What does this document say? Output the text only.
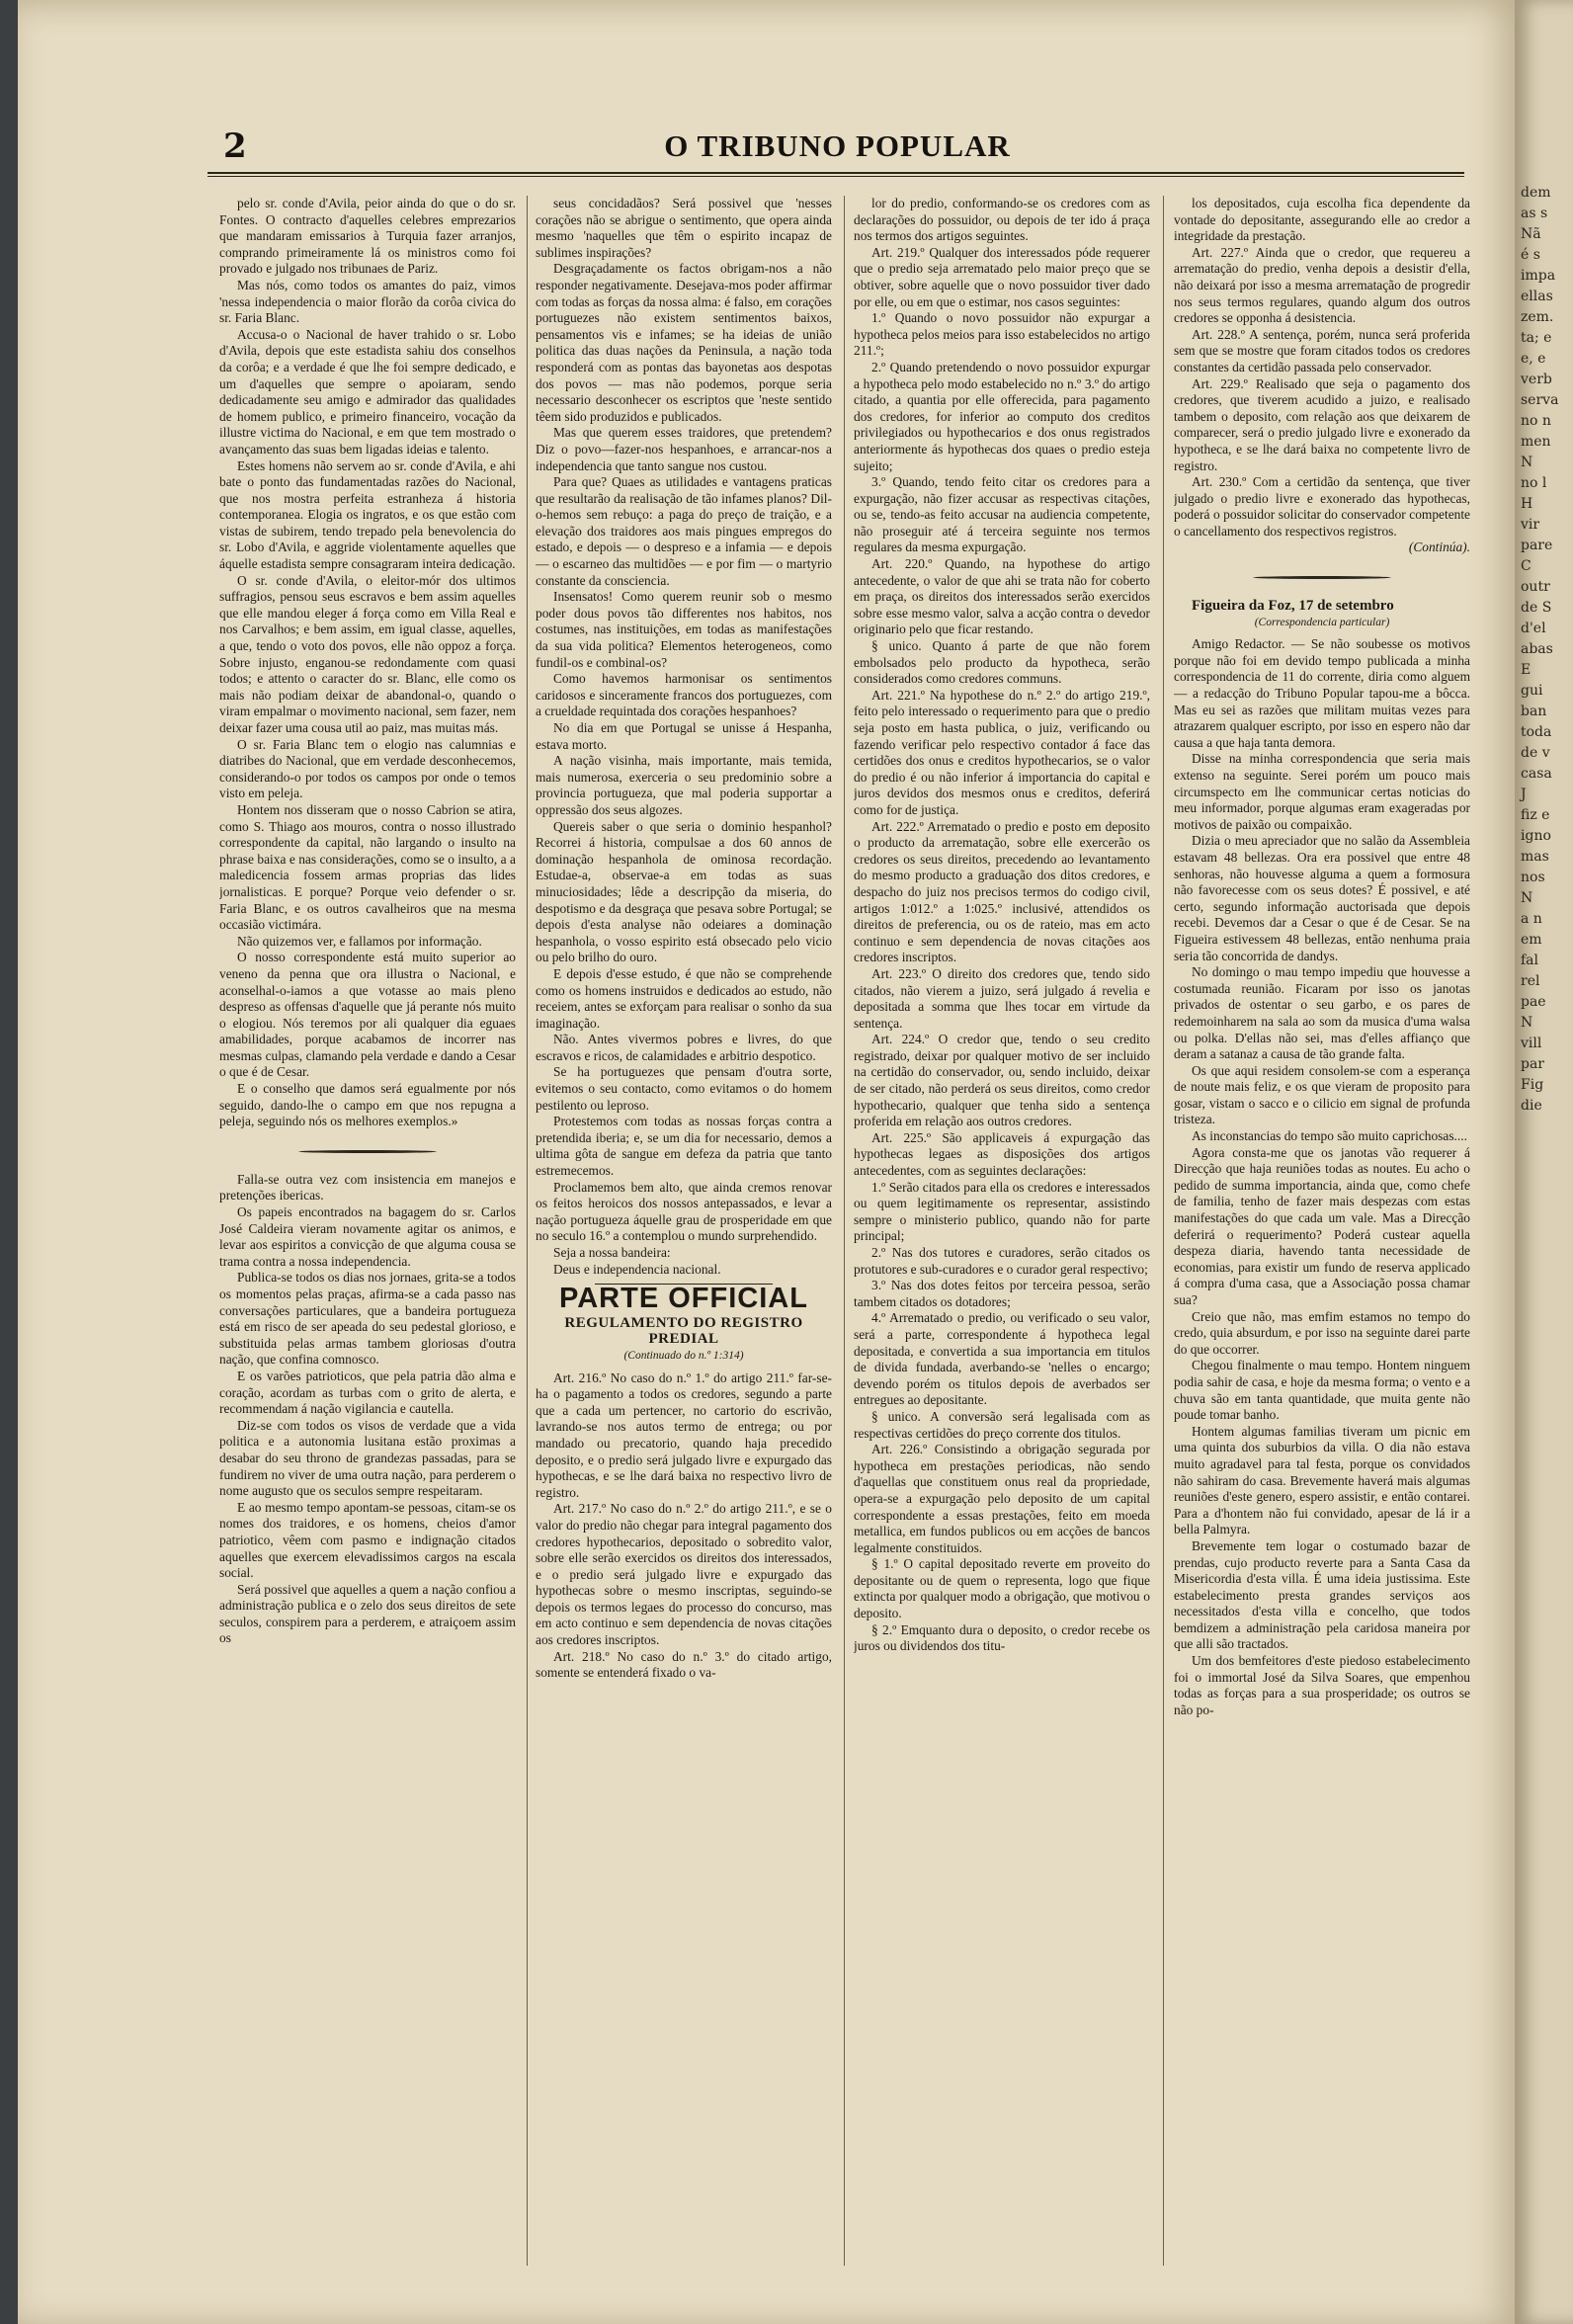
dem
as s
Nã
é s
impa
ellas
zem.
ta; e
e, e
verb
serva
no n
men
N
no l
H
vir
pare
C
outr
de S
d'el
abas
E
gui
ban
toda
de v
casa
J
fiz e
igno
mas
nos
N
a n
em
fal
rel
pae
N
vill
par
Fig
die
2	O TRIBUNO POPULAR

pelo sr. conde d'Avila, peior ainda do que o do sr. Fontes. O contracto d'aquelles celebres emprezarios que mandaram emissarios à Turquia fazer arranjos, comprando primeiramente lá os ministros como foi provado e julgado nos tribunaes de Pariz.

Mas nós, como todos os amantes do paiz, vimos 'nessa independencia o maior florão da corôa civica do sr. Faria Blanc.

Accusa-o o Nacional de haver trahido o sr. Lobo d'Avila, depois que este estadista sahiu dos conselhos da corôa; e a verdade é que lhe foi sempre dedicado, e um d'aquelles que sempre o apoiaram, sendo dedicadamente seu amigo e admirador das qualidades de homem publico, e primeiro financeiro, vocação da illustre victima do Nacional, e em que tem mostrado o avançamento das suas bem ligadas ideias e talento.

Estes homens não servem ao sr. conde d'Avila, e ahi bate o ponto das fundamentadas razões do Nacional, que nos mostra perfeita estranheza á historia contemporanea. Elogia os ingratos, e os que estão com vistas de subirem, tendo trepado pela benevolencia do sr. Lobo d'Avila, e aggride violentamente aquelles que áquelle estadista sempre consagraram inteira dedicação.

O sr. conde d'Avila, o eleitor-mór dos ultimos suffragios, pensou seus escravos e bem assim aquelles que elle mandou eleger á força como em Villa Real e nos Carvalhos; e bem assim, em igual classe, aquelles, a que, tendo o voto dos povos, elle não oppoz a força. Sobre injusto, enganou-se redondamente com quasi todos; e attento o caracter do sr. Blanc, elle como os mais não podiam deixar de abandonal-o, quando o viram empalmar o movimento nacional, sem fazer, nem deixar fazer uma cousa util ao paiz, mas muitas más.

O sr. Faria Blanc tem o elogio nas calumnias e diatribes do Nacional, que em verdade desconhecemos, considerando-o por todos os campos por onde o temos visto em peleja.

Hontem nos disseram que o nosso Cabrion se atira, como S. Thiago aos mouros, contra o nosso illustrado correspondente da capital, não largando o insulto na phrase baixa e nas considerações, como se o insulto, a a maledicencia fossem armas proprias das lides jornalisticas. E porque? Porque veio defender o sr. Faria Blanc, e os outros cavalheiros que na mesma occasião victimára.

Não quizemos ver, e fallamos por informação.

O nosso correspondente está muito superior ao veneno da penna que ora illustra o Nacional, e aconselhal-o-iamos a que votasse ao mais pleno despreso as offensas d'aquelle que já perante nós muito o elogiou. Nós teremos por ali qualquer dia eguaes amabilidades, porque acabamos de incorrer nas mesmas culpas, clamando pela verdade e dando a Cesar o que é de Cesar.

E o conselho que damos será egualmente por nós seguido, dando-lhe o campo em que nos repugna a peleja, seguindo nós os melhores exemplos.»

Falla-se outra vez com insistencia em manejos e pretenções ibericas.

Os papeis encontrados na bagagem do sr. Carlos José Caldeira vieram novamente agitar os animos, e levar aos espiritos a convicção de que alguma cousa se trama contra a nossa independencia.

Publica-se todos os dias nos jornaes, grita-se a todos os momentos pelas praças, afirma-se a cada passo nas conversações particulares, que a bandeira portugueza está em risco de ser apeada do seu pedestal glorioso, e substituida pelas armas tambem gloriosas d'outra nação, que confina comnosco.

E os varões patrioticos, que pela patria dão alma e coração, acordam as turbas com o grito de alerta, e recommendam á nação vigilancia e cautella.

Diz-se com todos os visos de verdade que a vida politica e a autonomia lusitana estão proximas a desabar do seu throno de grandezas passadas, para se fundirem no viver de uma outra nação, para perderem o nome augusto que os seculos sempre respeitaram.

E ao mesmo tempo apontam-se pessoas, citam-se os nomes dos traidores, e os homens, cheios d'amor patriotico, vêem com pasmo e indignação citados aquelles que exercem elevadissimos cargos na escala social.

Será possivel que aquelles a quem a nação confiou a administração publica e o zelo dos seus direitos de sete seculos, conspirem para a perderem, e atraiçoem assim os

seus concidadãos? Será possivel que 'nesses corações não se abrigue o sentimento, que opera ainda mesmo 'naquelles que têm o espirito incapaz de sublimes inspirações?

Desgraçadamente os factos obrigam-nos a não responder negativamente. Desejava-mos poder affirmar com todas as forças da nossa alma: é falso, em corações portuguezes não existem sentimentos baixos, pensamentos vis e infames; se ha ideias de união politica das duas nações da Peninsula, a nação toda responderá com as pontas das bayonetas aos despotas dos povos — mas não podemos, porque seria necessario desconhecer os escriptos que 'neste sentido têem sido produzidos e publicados.

Mas que querem esses traidores, que pretendem? Diz o povo—fazer-nos hespanhoes, e arrancar-nos a independencia que tanto sangue nos custou.

Para que? Quaes as utilidades e vantagens praticas que resultarão da realisação de tão infames planos? Dil-o-hemos sem rebuço: a paga do preço de traição, e a elevação dos traidores aos mais pingues empregos do estado, e depois — o despreso e a infamia — e depois — o escarneo das multidões — e por fim — o martyrio constante da consciencia.

Insensatos! Como querem reunir sob o mesmo poder dous povos tão differentes nos habitos, nos costumes, nas instituições, em todas as manifestações da sua vida politica? Elementos heterogeneos, como fundil-os e combinal-os?

Como havemos harmonisar os sentimentos caridosos e sinceramente francos dos portuguezes, com a crueldade requintada dos corações hespanhoes?

No dia em que Portugal se unisse á Hespanha, estava morto.

A nação visinha, mais importante, mais temida, mais numerosa, exerceria o seu predominio sobre a provincia portugueza, que mal poderia supportar a oppressão dos seus algozes.

Quereis saber o que seria o dominio hespanhol? Recorrei á historia, compulsae a dos 60 annos de dominação hespanhola de ominosa recordação. Estudae-a, observae-a em todas as suas minuciosidades; lêde a descripção da miseria, do despotismo e da desgraça que pesava sobre Portugal; se depois d'esta analyse não odeiares a dominação hespanhola, o vosso espirito está obsecado pelo vicio ou pelo brilho do ouro.

E depois d'esse estudo, é que não se comprehende como os homens instruidos e dedicados ao estudo, não receiem, antes se exforçam para realisar o sonho da sua imaginação.

Não. Antes vivermos pobres e livres, do que escravos e ricos, de calamidades e arbitrio despotico.

Se ha portuguezes que pensam d'outra sorte, evitemos o seu contacto, como evitamos o do homem pestilento ou leproso.

Protestemos com todas as nossas forças contra a pretendida iberia; e, se um dia for necessario, demos a ultima gôta de sangue em defeza da patria que tanto estremecemos.

Proclamemos bem alto, que ainda cremos renovar os feitos heroicos dos nossos antepassados, e levar a nação portugueza áquelle grau de prosperidade em que no seculo 16.º a contemplou o mundo surprehendido.

Seja a nossa bandeira:

Deus e independencia nacional.

PARTE OFFICIAL
REGULAMENTO DO REGISTRO PREDIAL
(Continuado do n.º 1:314)

Art. 216.º No caso do n.º 1.º do artigo 211.º far-se-ha o pagamento a todos os credores, segundo a parte que a cada um pertencer, no cartorio do escrivão, lavrando-se nos autos termo de entrega; ou por mandado ou precatorio, quando haja precedido deposito, e o predio será julgado livre e expurgado das hypothecas, e se lhe dará baixa no respectivo livro de registro.

Art. 217.º No caso do n.º 2.º do artigo 211.º, e se o valor do predio não chegar para integral pagamento dos credores hypothecarios, depositado o sobredito valor, sobre elle serão exercidos os direitos dos interessados, e o predio será julgado livre e expurgado das hypothecas sobre o mesmo inscriptas, seguindo-se depois os termos legaes do processo do concurso, mas em acto continuo e sem dependencia de novas citações aos credores inscriptos.

Art. 218.º No caso do n.º 3.º do citado artigo, somente se entenderá fixado o va-

lor do predio, conformando-se os credores com as declarações do possuidor, ou depois de ter ido á praça nos termos dos artigos seguintes.

Art. 219.º Qualquer dos interessados póde requerer que o predio seja arrematado pelo maior preço que se obtiver, sobre aquelle que o novo possuidor tiver dado por elle, ou em que o estimar, nos casos seguintes:

1.º Quando o novo possuidor não expurgar a hypotheca pelos meios para isso estabelecidos no artigo 211.º;

2.º Quando pretendendo o novo possuidor expurgar a hypotheca pelo modo estabelecido no n.º 3.º do artigo citado, a quantia por elle offerecida, para pagamento dos credores, for inferior ao computo dos creditos privilegiados ou hypothecarios e dos onus registrados anteriormente ás hypothecas dos quaes o predio esteja sujeito;

3.º Quando, tendo feito citar os credores para a expurgação, não fizer accusar as respectivas citações, ou se, tendo-as feito accusar na audiencia competente, não proseguir até á terceira seguinte nos termos regulares da mesma expurgação.

Art. 220.º Quando, na hypothese do artigo antecedente, o valor de que ahi se trata não for coberto em praça, os direitos dos interessados serão exercidos sobre esse mesmo valor, salva a acção contra o devedor originario pelo que ficar restando.

§ unico. Quanto á parte de que não forem embolsados pelo producto da hypotheca, serão considerados como credores communs.

Art. 221.º Na hypothese do n.º 2.º do artigo 219.º, feito pelo interessado o requerimento para que o predio seja posto em hasta publica, o juiz, verificando ou fazendo verificar pelo respectivo contador á face das certidões dos onus e creditos hypothecarios, se o valor do predio é ou não inferior á importancia do capital e juros devidos dos mesmos onus e creditos, deferirá como for de justiça.

Art. 222.º Arrematado o predio e posto em deposito o producto da arrematação, sobre elle exercerão os credores os seus direitos, precedendo ao levantamento do mesmo producto a graduação dos ditos credores, e despacho do juiz nos precisos termos do codigo civil, artigos 1:012.º a 1:025.º inclusivé, attendidos os direitos de preferencia, ou os de rateio, mas em acto continuo e sem dependencia de novas citações aos credores inscriptos.

Art. 223.º O direito dos credores que, tendo sido citados, não vierem a juizo, será julgado á revelia e depositada a somma que lhes tocar em virtude da sentença.

Art. 224.º O credor que, tendo o seu credito registrado, deixar por qualquer motivo de ser incluido na certidão do conservador, ou, sendo incluido, deixar de ser citado, não perderá os seus direitos, como credor hypothecario, qualquer que tenha sido a sentença proferida em relação aos outros credores.

Art. 225.º São applicaveis á expurgação das hypothecas legaes as disposições dos artigos antecedentes, com as seguintes declarações:

1.º Serão citados para ella os credores e interessados ou quem legitimamente os representar, assistindo sempre o ministerio publico, quando não for parte principal;

2.º Nas dos tutores e curadores, serão citados os protutores e sub-curadores e o curador geral respectivo;

3.º Nas dos dotes feitos por terceira pessoa, serão tambem citados os dotadores;

4.º Arrematado o predio, ou verificado o seu valor, será a parte, correspondente á hypotheca legal depositada, e convertida a sua importancia em titulos de divida fundada, averbando-se 'nelles o encargo; devendo porém os titulos depois de averbados ser entregues ao depositante.

§ unico. A conversão será legalisada com as respectivas certidões do preço corrente dos titulos.

Art. 226.º Consistindo a obrigação segurada por hypotheca em prestações periodicas, não sendo d'aquellas que constituem onus real da propriedade, opera-se a expurgação pelo deposito de um capital correspondente a essas prestações, feito em moeda metallica, em fundos publicos ou em acções de bancos legalmente constituidos.

§ 1.º O capital depositado reverte em proveito do depositante ou de quem o representa, logo que fique extincta por qualquer modo a obrigação, que motivou o deposito.

§ 2.º Emquanto dura o deposito, o credor recebe os juros ou dividendos dos titu-

los depositados, cuja escolha fica dependente da vontade do depositante, assegurando elle ao credor a integridade da prestação.

Art. 227.º Ainda que o credor, que requereu a arrematação do predio, venha depois a desistir d'ella, não deixará por isso a mesma arrematação de progredir nos seus termos regulares, quando algum dos outros credores se opponha á desistencia.

Art. 228.º A sentença, porém, nunca será proferida sem que se mostre que foram citados todos os credores constantes da certidão passada pelo conservador.

Art. 229.º Realisado que seja o pagamento dos credores, que tiverem acudido a juizo, e realisado tambem o deposito, com relação aos que deixarem de comparecer, será o predio julgado livre e exonerado da hypotheca, e se lhe dará baixa no competente livro de registro.

Art. 230.º Com a certidão da sentença, que tiver julgado o predio livre e exonerado das hypothecas, poderá o possuidor solicitar do conservador competente o cancellamento dos respectivos registros.

(Continúa).

Figueira da Foz, 17 de setembro

(Correspondencia particular)

Amigo Redactor. — Se não soubesse os motivos porque não foi em devido tempo publicada a minha correspondencia de 11 do corrente, diria como alguem — a redacção do Tribuno Popular tapou-me a bôcca. Mas eu sei as razões que militam muitas vezes para atrazarem qualquer escripto, por isso en espero não dar causa a que haja tanta demora.

Disse na minha correspondencia que seria mais extenso na seguinte. Serei porém um pouco mais circumspecto em lhe communicar certas noticias do meu informador, porque algumas eram exageradas por motivos de paixão ou compaixão.

Dizia o meu apreciador que no salão da Assembleia estavam 48 bellezas. Ora era possivel que entre 48 senhoras, não houvesse alguma a quem a formosura não favorecesse com os seus dotes? É possivel, e até certo, segundo informação auctorisada que depois recebi. Devemos dar a Cesar o que é de Cesar. Se na Figueira estivessem 48 bellezas, então nenhuma praia seria tão concorrida de dandys.

No domingo o mau tempo impediu que houvesse a costumada reunião. Ficaram por isso os janotas privados de ostentar o seu garbo, e os pares de redemoinharem na sala ao som da musica d'uma walsa ou polka. D'ellas não sei, mas d'elles affianço que deram a satanaz a causa de tão grande falta.

Os que aqui residem consolem-se com a esperança de noute mais feliz, e os que vieram de proposito para gosar, vistam o sacco e o cilicio em signal de profunda tristeza.

As inconstancias do tempo são muito caprichosas....

Agora consta-me que os janotas vão requerer á Direcção que haja reuniões todas as noutes. Eu acho o pedido de summa importancia, ainda que, como chefe de familia, tenho de fazer mais despezas com estas manifestações do que cada um vale. Mas a Direcção deferirá o requerimento? Poderá custear aquella despeza diaria, havendo tanta necessidade de economias, para existir um fundo de reserva applicado á compra d'uma casa, que a Associação possa chamar sua?

Creio que não, mas emfim estamos no tempo do credo, quia absurdum, e por isso na seguinte darei parte do que occorrer.

Chegou finalmente o mau tempo. Hontem ninguem podia sahir de casa, e hoje da mesma forma; o vento e a chuva são em tanta quantidade, que muita gente não poude tomar banho.

Hontem algumas familias tiveram um picnic em uma quinta dos suburbios da villa. O dia não estava muito agradavel para tal festa, porque os convidados não sahiram do casa. Brevemente haverá mais algumas reuniões d'este genero, espero assistir, e então contarei. Para a d'hontem não fui convidado, apesar de lá ir a bella Palmyra.

Brevemente tem logar o costumado bazar de prendas, cujo producto reverte para a Santa Casa da Misericordia d'esta villa. É uma ideia justissima. Este estabelecimento presta grandes serviços aos necessitados d'esta villa e concelho, que todos bemdizem a administração pela caridosa maneira por que alli são tractados.

Um dos bemfeitores d'este piedoso estabelecimento foi o immortal José da Silva Soares, que empenhou todas as forças para a sua prosperidade; os outros se não po-
